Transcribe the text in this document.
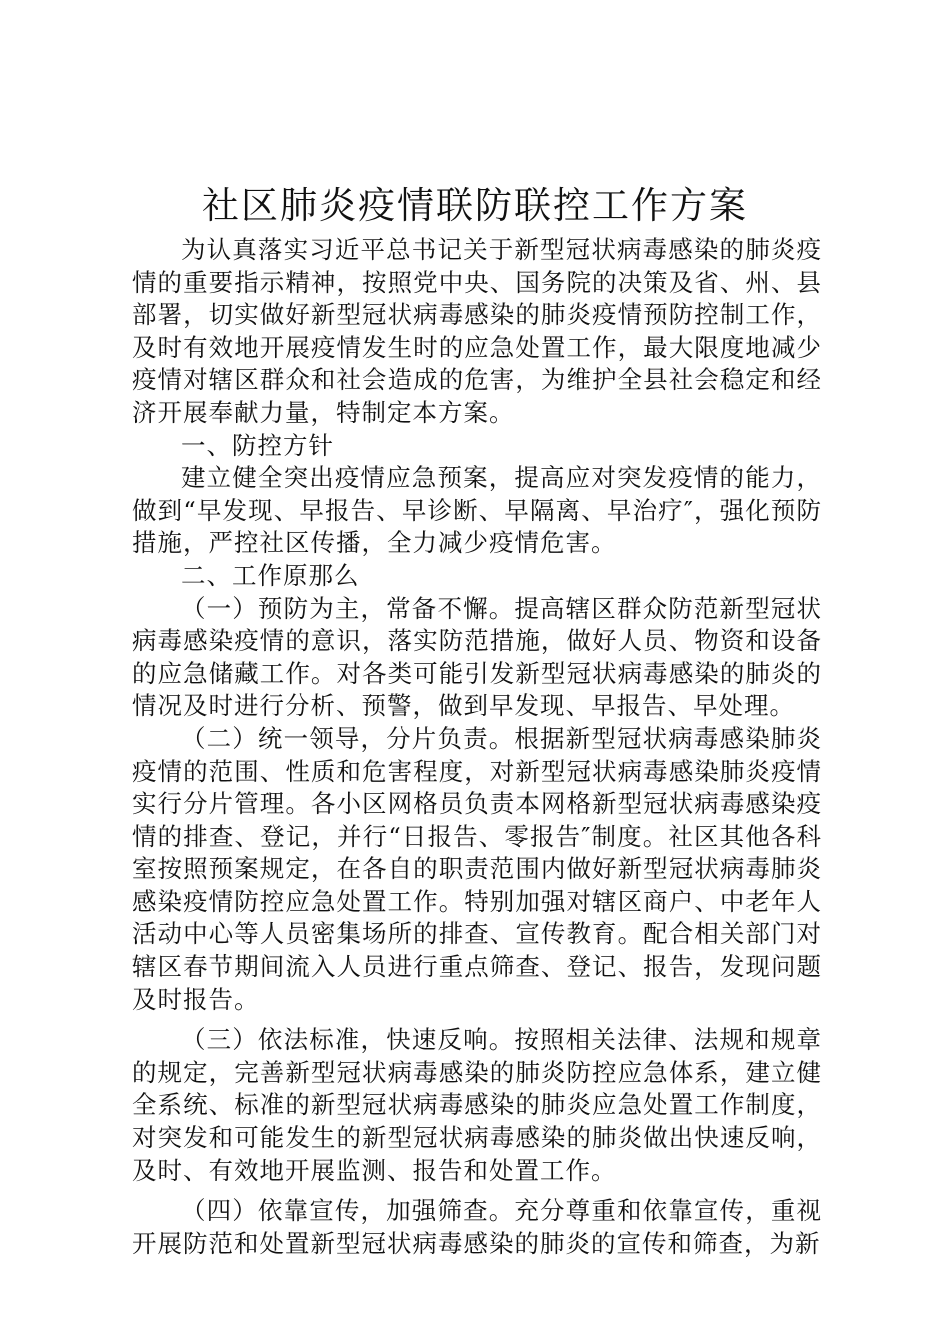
社区肺炎疫情联防联控工作方案

为认真落实习近平总书记关于新型冠状病毒感染的肺炎疫情的重要指示精神，按照党中央、国务院的决策及省、州、县部署，切实做好新型冠状病毒感染的肺炎疫情预防控制工作，及时有效地开展疫情发生时的应急处置工作，最大限度地减少疫情对辖区群众和社会造成的危害，为维护全县社会稳定和经济开展奉献力量，特制定本方案。

一、防控方针

建立健全突出疫情应急预案，提高应对突发疫情的能力，做到“早发现、早报告、早诊断、早隔离、早治疗″，强化预防措施，严控社区传播，全力减少疫情危害。

二、工作原那么

（一）预防为主，常备不懈。提高辖区群众防范新型冠状病毒感染疫情的意识，落实防范措施，做好人员、物资和设备的应急储藏工作。对各类可能引发新型冠状病毒感染的肺炎的情况及时进行分析、预警，做到早发现、早报告、早处理。

（二）统一领导，分片负责。根据新型冠状病毒感染肺炎疫情的范围、性质和危害程度，对新型冠状病毒感染肺炎疫情实行分片管理。各小区网格员负责本网格新型冠状病毒感染疫情的排查、登记，并行“日报告、零报告″制度。社区其他各科室按照预案规定，在各自的职责范围内做好新型冠状病毒肺炎感染疫情防控应急处置工作。特别加强对辖区商户、中老年人活动中心等人员密集场所的排查、宣传教育。配合相关部门对辖区春节期间流入人员进行重点筛查、登记、报告，发现问题及时报告。

（三）依法标准，快速反响。按照相关法律、法规和规章的规定，完善新型冠状病毒感染的肺炎防控应急体系，建立健全系统、标准的新型冠状病毒感染的肺炎应急处置工作制度，对突发和可能发生的新型冠状病毒感染的肺炎做出快速反响，及时、有效地开展监测、报告和处置工作。

（四）依靠宣传，加强筛查。充分尊重和依靠宣传，重视开展防范和处置新型冠状病毒感染的肺炎的宣传和筛查，为新
